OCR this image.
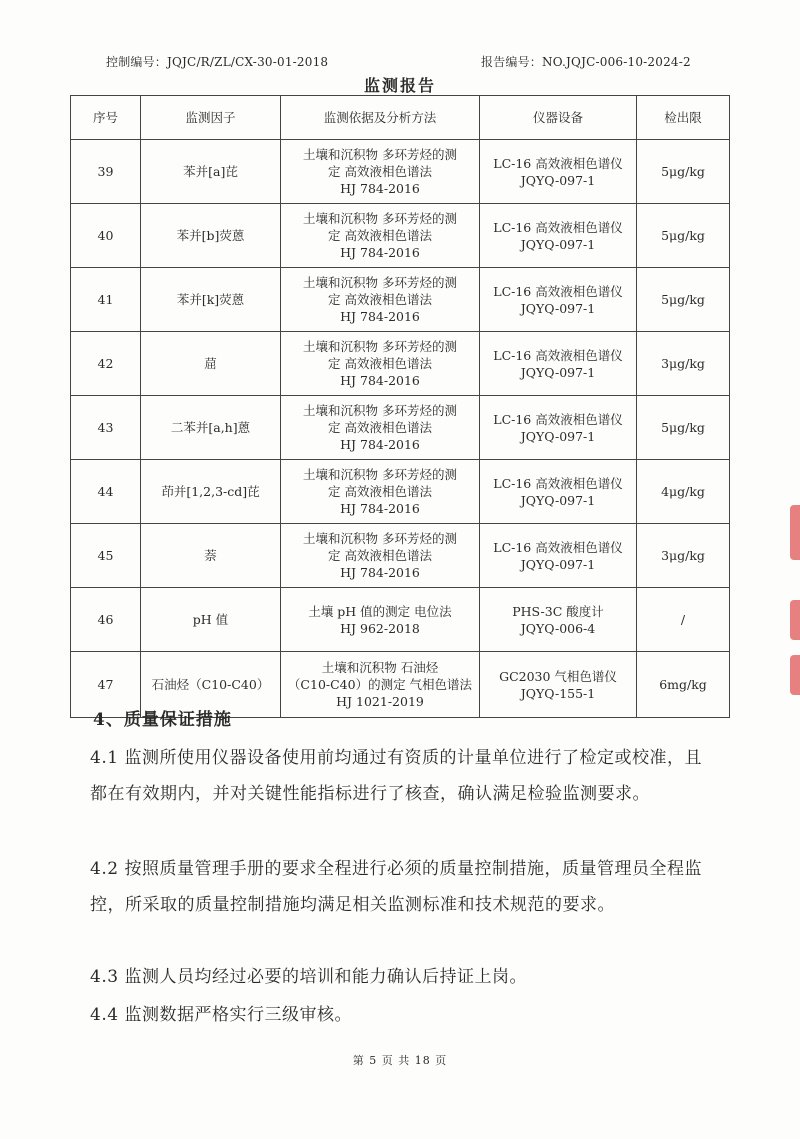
控制编号：JQJC/R/ZL/CX-30-01-2018	报告编号：NO.JQJC-006-10-2024-2
监测报告
序号	监测因子	监测依据及分析方法	仪器设备	检出限
39	苯并[a]芘	土壤和沉积物 多环芳烃的测
定 高效液相色谱法
HJ 784-2016	LC-16 高效液相色谱仪
JQYQ-097-1	5μg/kg
40	苯并[b]荧蒽	土壤和沉积物 多环芳烃的测
定 高效液相色谱法
HJ 784-2016	LC-16 高效液相色谱仪
JQYQ-097-1	5μg/kg
41	苯并[k]荧蒽	土壤和沉积物 多环芳烃的测
定 高效液相色谱法
HJ 784-2016	LC-16 高效液相色谱仪
JQYQ-097-1	5μg/kg
42	䓛	土壤和沉积物 多环芳烃的测
定 高效液相色谱法
HJ 784-2016	LC-16 高效液相色谱仪
JQYQ-097-1	3μg/kg
43	二苯并[a,h]蒽	土壤和沉积物 多环芳烃的测
定 高效液相色谱法
HJ 784-2016	LC-16 高效液相色谱仪
JQYQ-097-1	5μg/kg
44	茚并[1,2,3-cd]芘	土壤和沉积物 多环芳烃的测
定 高效液相色谱法
HJ 784-2016	LC-16 高效液相色谱仪
JQYQ-097-1	4μg/kg
45	萘	土壤和沉积物 多环芳烃的测
定 高效液相色谱法
HJ 784-2016	LC-16 高效液相色谱仪
JQYQ-097-1	3μg/kg
46	pH 值	土壤 pH 值的测定 电位法
HJ 962-2018	PHS-3C 酸度计
JQYQ-006-4	/
47	石油烃（C10-C40）	土壤和沉积物 石油烃
（C10-C40）的测定 气相色谱法
HJ 1021-2019	GC2030 气相色谱仪
JQYQ-155-1	6mg/kg
4、质量保证措施
4.1 监测所使用仪器设备使用前均通过有资质的计量单位进行了检定或校准，且都在有效期内，并对关键性能指标进行了核查，确认满足检验监测要求。
4.2 按照质量管理手册的要求全程进行必须的质量控制措施，质量管理员全程监控，所采取的质量控制措施均满足相关监测标准和技术规范的要求。
4.3 监测人员均经过必要的培训和能力确认后持证上岗。
4.4 监测数据严格实行三级审核。
第 5 页 共 18 页
